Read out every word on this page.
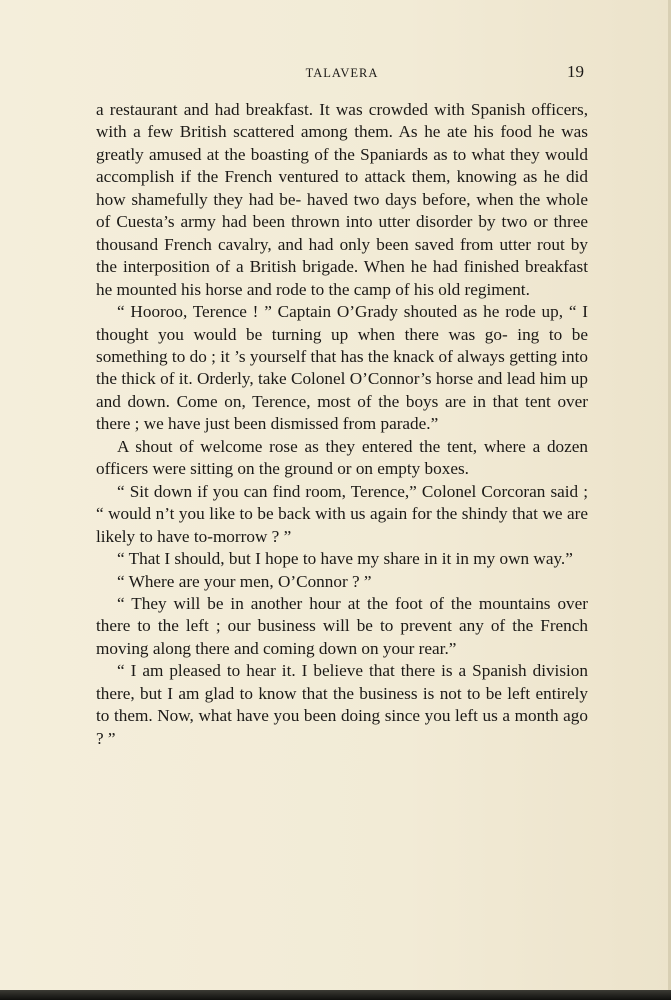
TALAVERA	19

a restaurant and had breakfast. It was crowded with Spanish officers, with a few British scattered among them. As he ate his food he was greatly amused at the boasting of the Spaniards as to what they would accomplish if the French ventured to attack them, knowing as he did how shamefully they had be- haved two days before, when the whole of Cuesta’s army had been thrown into utter disorder by two or three thousand French cavalry, and had only been saved from utter rout by the interposition of a British brigade. When he had finished breakfast he mounted his horse and rode to the camp of his old regiment.

“ Hooroo, Terence ! ” Captain O’Grady shouted as he rode up, “ I thought you would be turning up when there was go- ing to be something to do ; it ’s yourself that has the knack of always getting into the thick of it. Orderly, take Colonel O’Connor’s horse and lead him up and down. Come on, Terence, most of the boys are in that tent over there ; we have just been dismissed from parade.”

A shout of welcome rose as they entered the tent, where a dozen officers were sitting on the ground or on empty boxes.

“ Sit down if you can find room, Terence,” Colonel Corcoran said ; “ would n’t you like to be back with us again for the shindy that we are likely to have to-morrow ? ”

“ That I should, but I hope to have my share in it in my own way.”

“ Where are your men, O’Connor ? ”

“ They will be in another hour at the foot of the mountains over there to the left ; our business will be to prevent any of the French moving along there and coming down on your rear.”

“ I am pleased to hear it. I believe that there is a Spanish division there, but I am glad to know that the business is not to be left entirely to them. Now, what have you been doing since you left us a month ago ? ”
